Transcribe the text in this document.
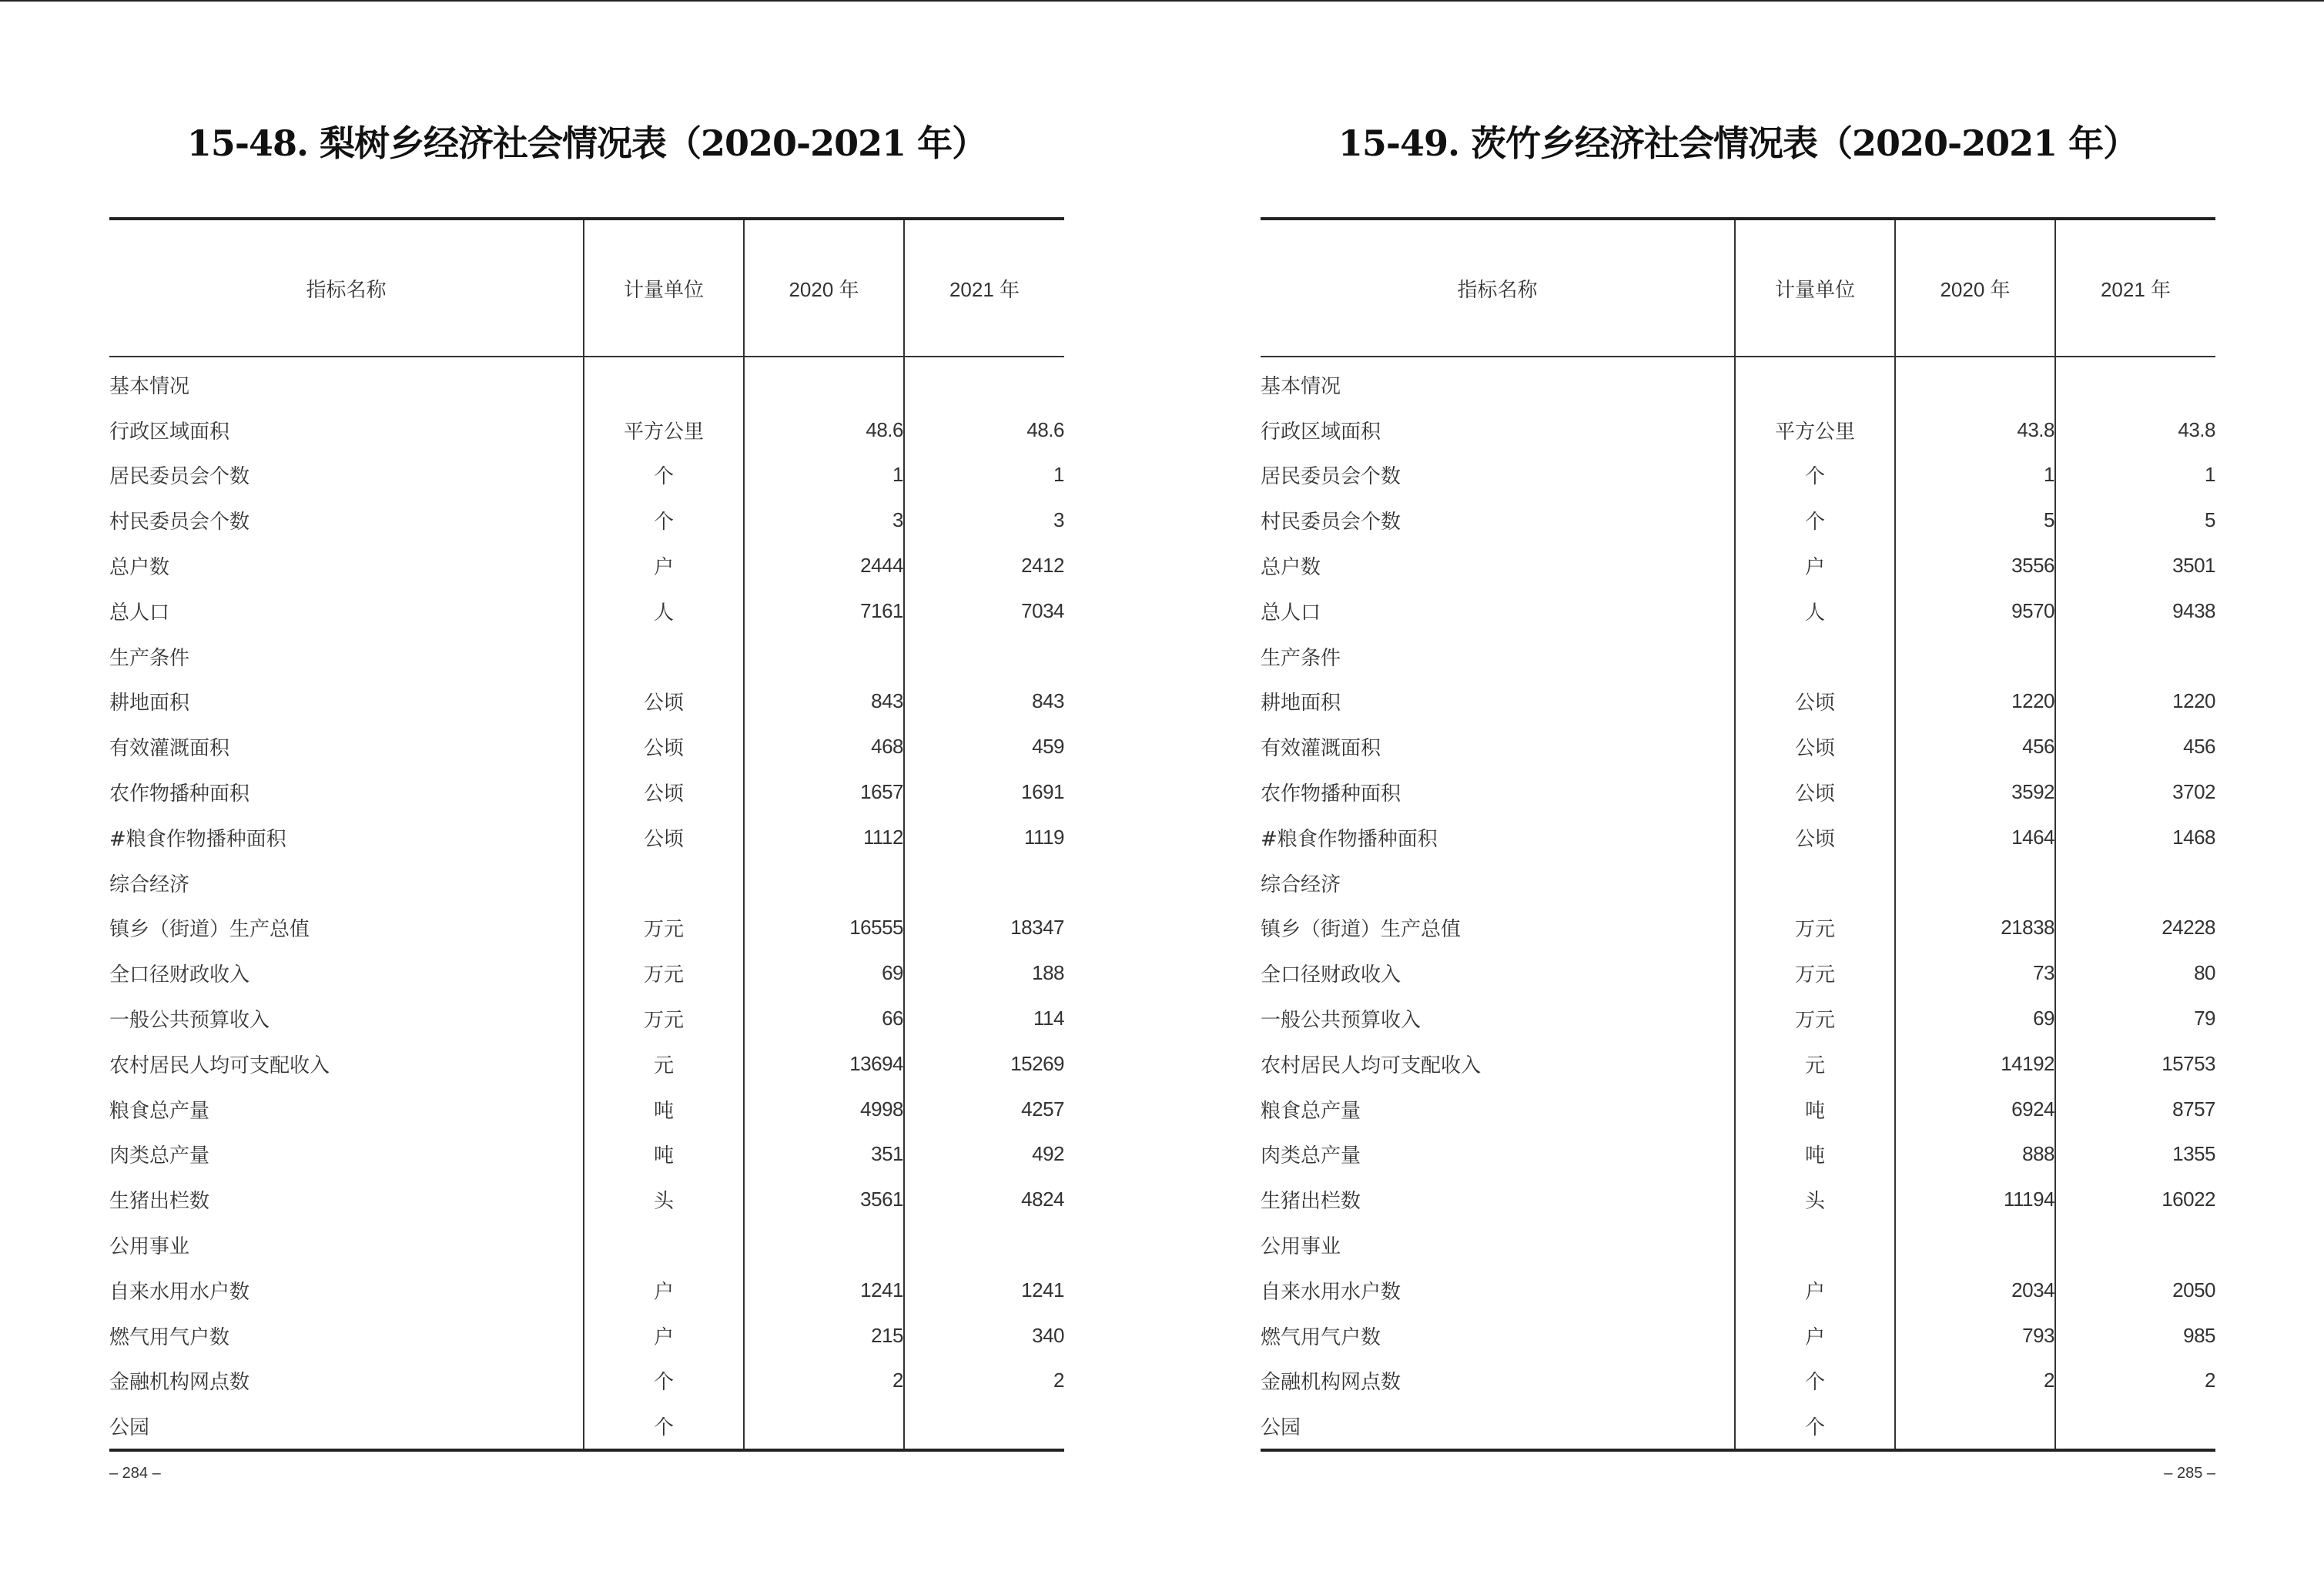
15-48. 梨树乡经济社会情况表（2020-2021 年）
指标名称	计量单位	2020 年	2021 年
基本情况			
行政区域面积	平方公里	48.6	48.6
居民委员会个数	个	1	1
村民委员会个数	个	3	3
总户数	户	2444	2412
总人口	人	7161	7034
生产条件			
耕地面积	公顷	843	843
有效灌溉面积	公顷	468	459
农作物播种面积	公顷	1657	1691
#粮食作物播种面积	公顷	1112	1119
综合经济			
镇乡（街道）生产总值	万元	16555	18347
全口径财政收入	万元	69	188
一般公共预算收入	万元	66	114
农村居民人均可支配收入	元	13694	15269
粮食总产量	吨	4998	4257
肉类总产量	吨	351	492
生猪出栏数	头	3561	4824
公用事业			
自来水用水户数	户	1241	1241
燃气用气户数	户	215	340
金融机构网点数	个	2	2
公园	个		
– 284 –
15-49. 茨竹乡经济社会情况表（2020-2021 年）
指标名称	计量单位	2020 年	2021 年
基本情况			
行政区域面积	平方公里	43.8	43.8
居民委员会个数	个	1	1
村民委员会个数	个	5	5
总户数	户	3556	3501
总人口	人	9570	9438
生产条件			
耕地面积	公顷	1220	1220
有效灌溉面积	公顷	456	456
农作物播种面积	公顷	3592	3702
#粮食作物播种面积	公顷	1464	1468
综合经济			
镇乡（街道）生产总值	万元	21838	24228
全口径财政收入	万元	73	80
一般公共预算收入	万元	69	79
农村居民人均可支配收入	元	14192	15753
粮食总产量	吨	6924	8757
肉类总产量	吨	888	1355
生猪出栏数	头	11194	16022
公用事业			
自来水用水户数	户	2034	2050
燃气用气户数	户	793	985
金融机构网点数	个	2	2
公园	个		
– 285 –
